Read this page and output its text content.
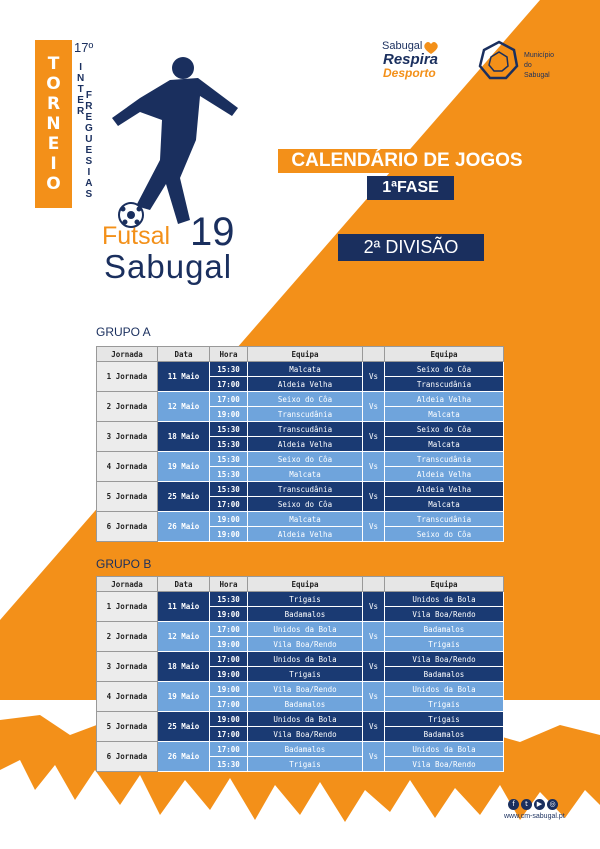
T
O
R
N
E
I
O
17º
I
N
T
E
R
F
R
E
G
U
E
S
I
A
S
Futsal 19
Sabugal
Sabugal
Respira
Desporto
Município
do
Sabugal
CALENDÁRIO DE JOGOS
1ªFASE
2ª DIVISÃO
GRUPO A
Jornada	Data	Hora	Equipa		Equipa
1 Jornada	11 Maio	15:30	Malcata	Vs	Seixo do Côa
		17:00	Aldeia Velha		Transcudânia
2 Jornada	12 Maio	17:00	Seixo do Côa	Vs	Aldeia Velha
		19:00	Transcudânia		Malcata
3 Jornada	18 Maio	15:30	Transcudânia	Vs	Seixo do Côa
		15:30	Aldeia Velha		Malcata
4 Jornada	19 Maio	15:30	Seixo do Côa	Vs	Transcudânia
		15:30	Malcata		Aldeia Velha
5 Jornada	25 Maio	15:30	Transcudânia	Vs	Aldeia Velha
		17:00	Seixo do Côa		Malcata
6 Jornada	26 Maio	19:00	Malcata	Vs	Transcudânia
		19:00	Aldeia Velha		Seixo do Côa
GRUPO B
Jornada	Data	Hora	Equipa		Equipa
1 Jornada	11 Maio	15:30	Trigais	Vs	Unidos da Bola
		19:00	Badamalos		Vila Boa/Rendo
2 Jornada	12 Maio	17:00	Unidos da Bola	Vs	Badamalos
		19:00	Vila Boa/Rendo		Trigais
3 Jornada	18 Maio	17:00	Unidos da Bola	Vs	Vila Boa/Rendo
		19:00	Trigais		Badamalos
4 Jornada	19 Maio	19:00	Vila Boa/Rendo	Vs	Unidos da Bola
		17:00	Badamalos		Trigais
5 Jornada	25 Maio	19:00	Unidos da Bola	Vs	Trigais
		17:00	Vila Boa/Rendo		Badamalos
6 Jornada	26 Maio	17:00	Badamalos	Vs	Unidos da Bola
		15:30	Trigais		Vila Boa/Rendo
f	t	▶	◎
www.cm-sabugal.pt
